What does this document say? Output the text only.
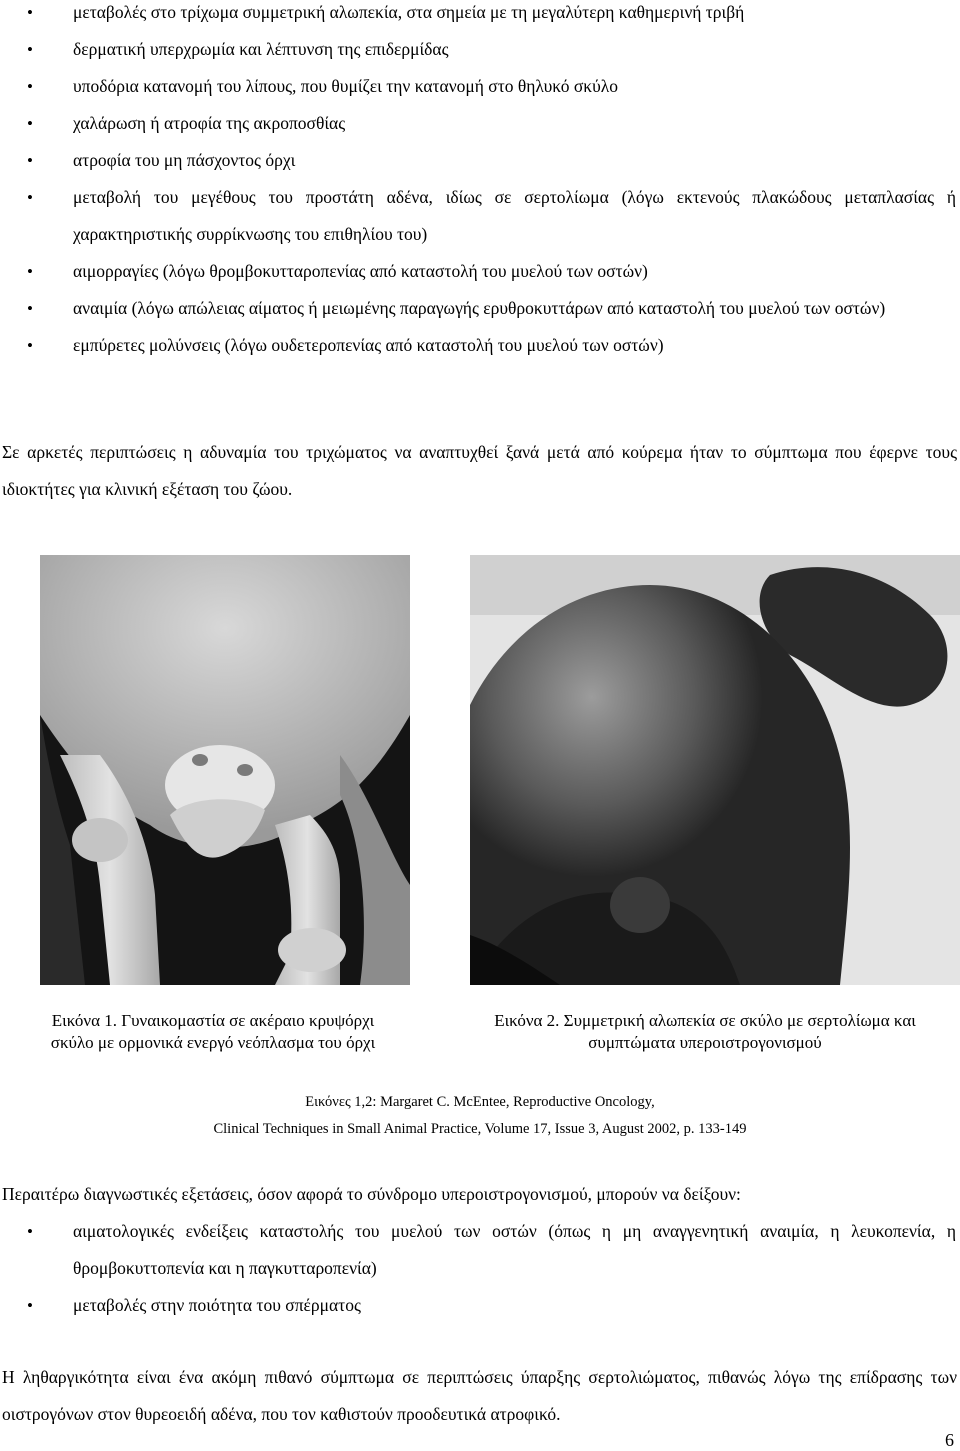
• μεταβολές στο τρίχωμα συμμετρική αλωπεκία, στα σημεία με τη μεγαλύτερη καθημερινή τριβή
• δερματική υπερχρωμία και λέπτυνση της επιδερμίδας
• υποδόρια κατανομή του λίπους, που θυμίζει την κατανομή στο θηλυκό σκύλο
• χαλάρωση ή ατροφία της ακροποσθίας
• ατροφία του μη πάσχοντος όρχι
• μεταβολή του μεγέθους του προστάτη αδένα, ιδίως σε σερτολίωμα (λόγω εκτενούς πλακώδους μεταπλασίας ή χαρακτηριστικής συρρίκνωσης του επιθηλίου του)
• αιμορραγίες (λόγω θρομβοκυτταροπενίας από καταστολή του μυελού των οστών)
• αναιμία (λόγω απώλειας αίματος ή μειωμένης παραγωγής ερυθροκυττάρων από καταστολή του μυελού των οστών)
• εμπύρετες μολύνσεις (λόγω ουδετεροπενίας από καταστολή του μυελού των οστών)

Σε αρκετές περιπτώσεις η αδυναμία του τριχώματος να αναπτυχθεί ξανά μετά από κούρεμα ήταν το σύμπτωμα που έφερνε τους ιδιοκτήτες για κλινική εξέταση του ζώου.

Εικόνα 1. Γυναικομαστία σε ακέραιο κρυψόρχι
σκύλο με ορμονικά ενεργό νεόπλασμα του όρχι
Εικόνα 2. Συμμετρική αλωπεκία σε σκύλο με σερτολίωμα και
συμπτώματα υπεροιστρογονισμού
Εικόνες 1,2: Margaret C. McEntee, Reproductive Oncology,
Clinical Techniques in Small Animal Practice, Volume 17, Issue 3, August 2002, p. 133-149

Περαιτέρω διαγνωστικές εξετάσεις, όσον αφορά το σύνδρομο υπεροιστρογονισμού, μπορούν να δείξουν:

• αιματολογικές ενδείξεις καταστολής του μυελού των οστών (όπως η μη αναγγενητική αναιμία, η λευκοπενία, η θρομβοκυττοπενία και η παγκυτταροπενία)
• μεταβολές στην ποιότητα του σπέρματος

Η ληθαργικότητα είναι ένα ακόμη πιθανό σύμπτωμα σε περιπτώσεις ύπαρξης σερτολιώματος, πιθανώς λόγω της επίδρασης των οιστρογόνων στον θυρεοειδή αδένα, που τον καθιστούν προοδευτικά ατροφικό.

6
